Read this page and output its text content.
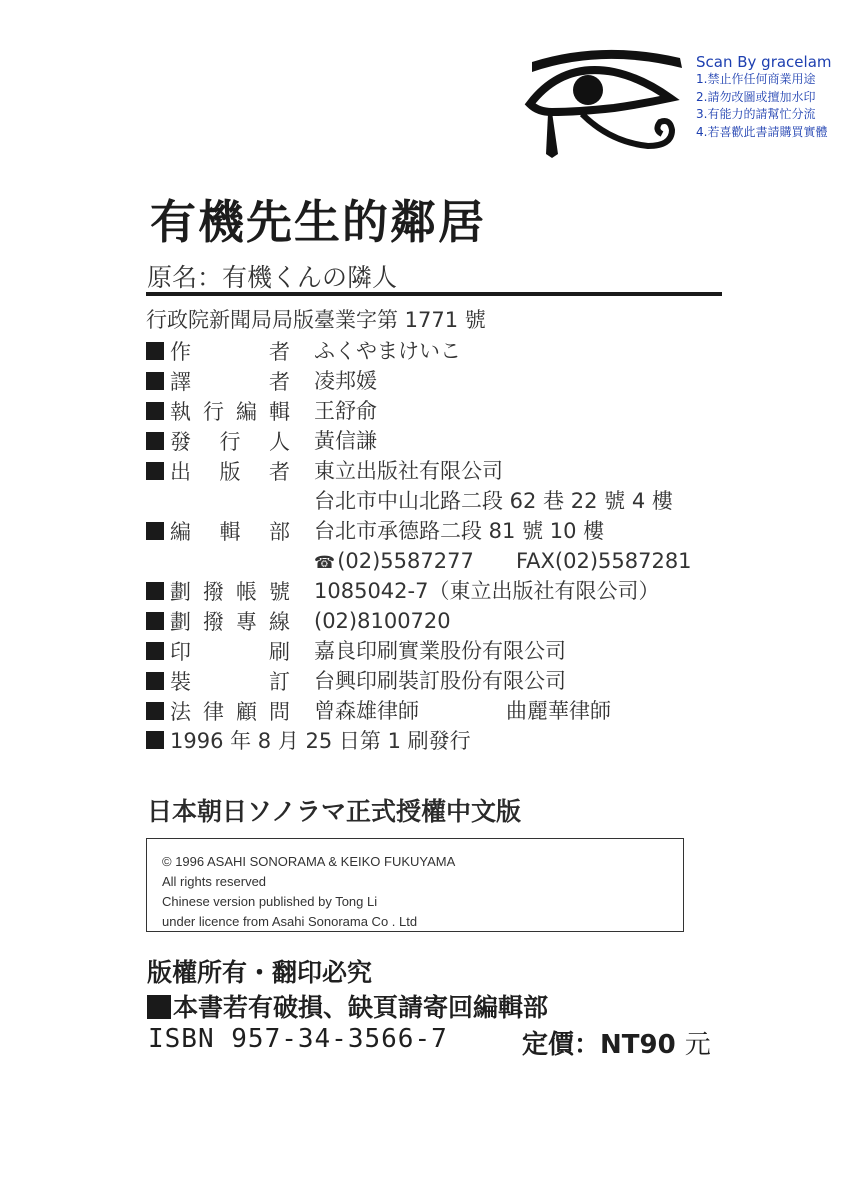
Scan By gracelam
1.禁止作任何商業用途
2.請勿改圖或擅加水印
3.有能力的請幫忙分流
4.若喜歡此書請購買實體
有機先生的鄰居
原名：有機くんの隣人
行政院新聞局局版臺業字第 1771 號
作者 ふくやまけいこ
譯者 凌邦媛
執行編輯 王舒俞
發行人 黃信謙
出版者 東立出版社有限公司
台北市中山北路二段 62 巷 22 號 4 樓
編輯部 台北市承德路二段 81 號 10 樓
☎(02)5587277 FAX(02)5587281
劃撥帳號 1085042-7（東立出版社有限公司）
劃撥專線 (02)8100720
印刷 嘉良印刷實業股份有限公司
裝訂 台興印刷裝訂股份有限公司
法律顧問 曾森雄律師	曲麗華律師
1996 年 8 月 25 日第 1 刷發行
日本朝日ソノラマ正式授權中文版
© 1996 ASAHI SONORAMA & KEIKO FUKUYAMA
All rights reserved
Chinese version published by Tong Li
under licence from Asahi Sonorama Co . Ltd
版權所有・翻印必究
本書若有破損、缺頁請寄回編輯部
ISBN 957-34-3566-7	定價：NT90 元
